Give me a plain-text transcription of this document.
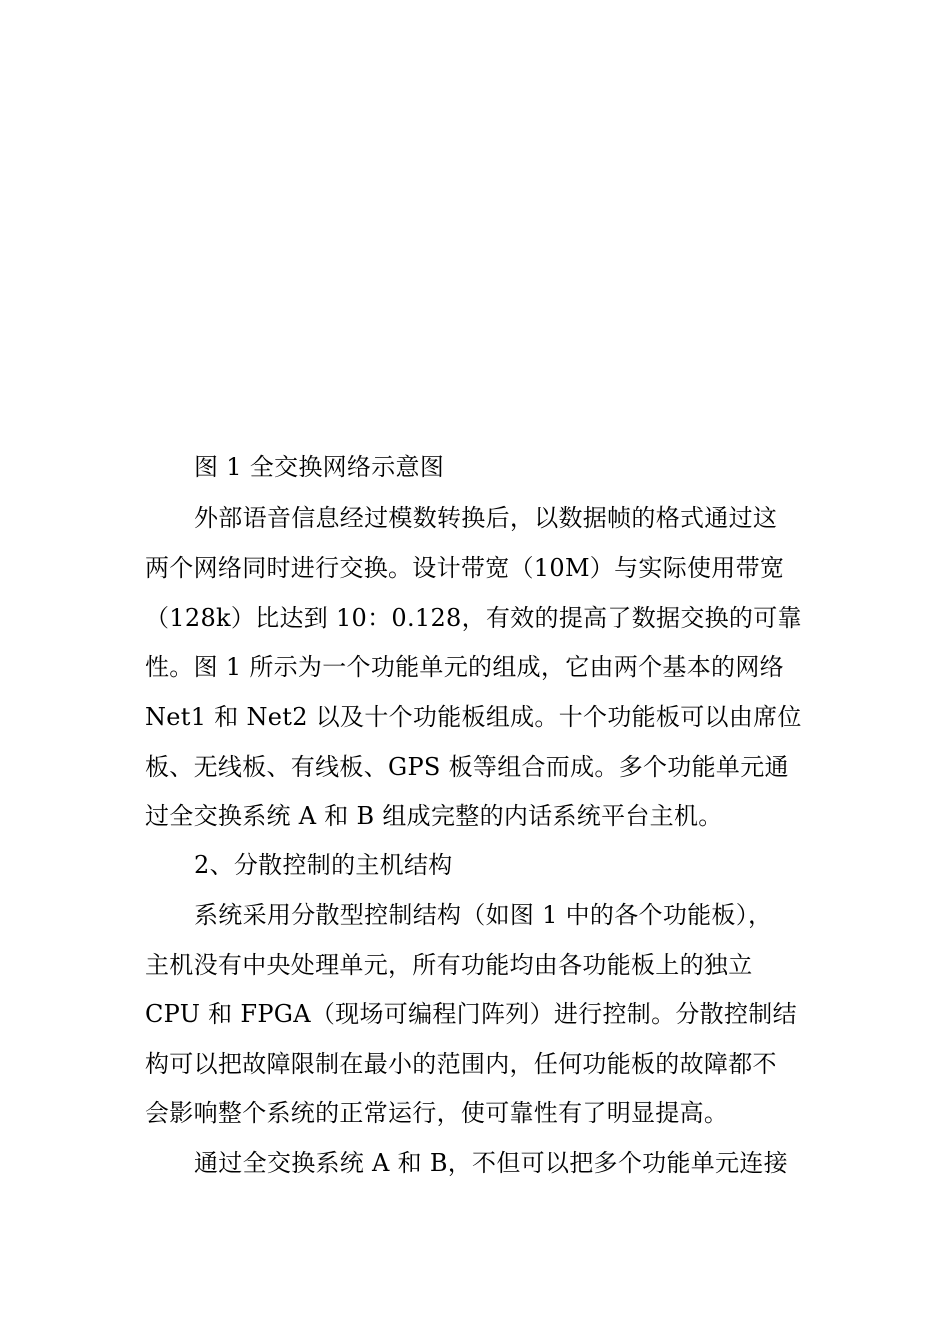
图 1 全交换网络示意图
外部语音信息经过模数转换后，以数据帧的格式通过这
两个网络同时进行交换。设计带宽（10M）与实际使用带宽
（128k）比达到 10：0.128，有效的提高了数据交换的可靠
性。图 1 所示为一个功能单元的组成，它由两个基本的网络
Net1 和 Net2 以及十个功能板组成。十个功能板可以由席位
板、无线板、有线板、GPS 板等组合而成。多个功能单元通
过全交换系统 A 和 B 组成完整的内话系统平台主机。
2、分散控制的主机结构
系统采用分散型控制结构（如图 1 中的各个功能板），
主机没有中央处理单元，所有功能均由各功能板上的独立
CPU 和 FPGA（现场可编程门阵列）进行控制。分散控制结
构可以把故障限制在最小的范围内，任何功能板的故障都不
会影响整个系统的正常运行，使可靠性有了明显提高。
通过全交换系统 A 和 B，不但可以把多个功能单元连接
